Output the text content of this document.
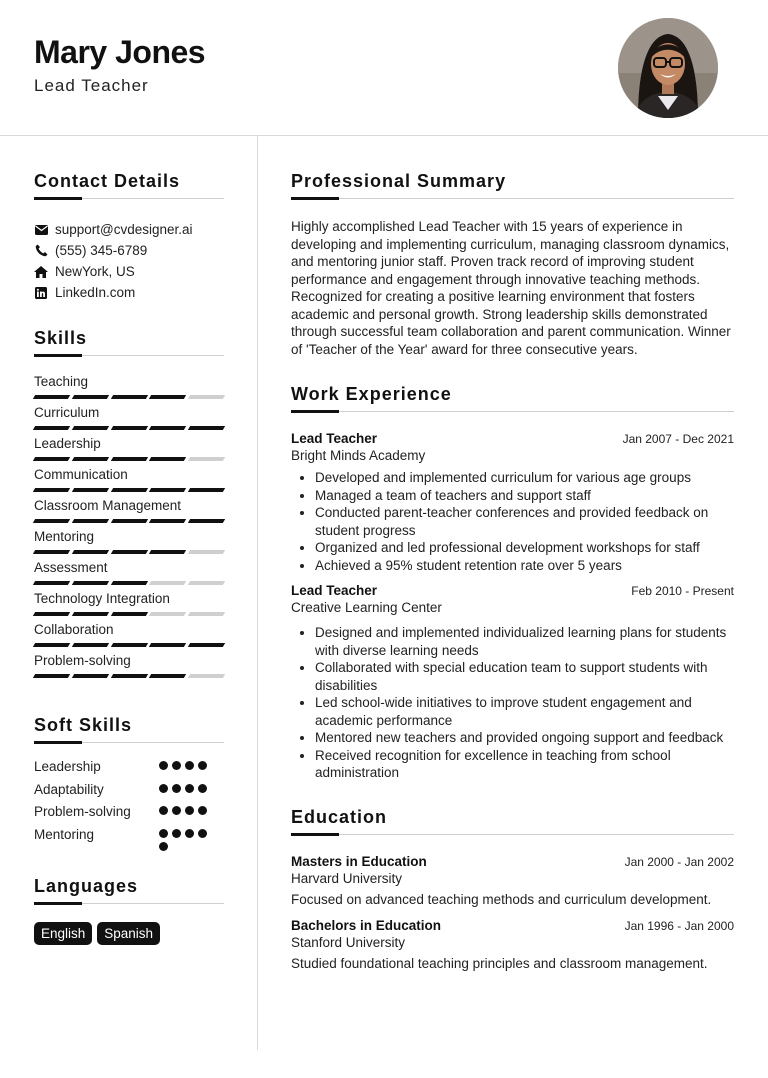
Mary Jones
Lead Teacher
Contact Details
support@cvdesigner.ai
(555) 345-6789
NewYork, US
LinkedIn.com
Skills
Teaching
Curriculum
Leadership
Communication
Classroom Management
Mentoring
Assessment
Technology Integration
Collaboration
Problem-solving
Soft Skills
Leadership
Adaptability
Problem-solving
Mentoring
Languages
English	Spanish
Professional Summary
Highly accomplished Lead Teacher with 15 years of experience in developing and implementing curriculum, managing classroom dynamics, and mentoring junior staff. Proven track record of improving student performance and engagement through innovative teaching methods. Recognized for creating a positive learning environment that fosters academic and personal growth. Strong leadership skills demonstrated through successful team collaboration and parent communication. Winner of 'Teacher of the Year' award for three consecutive years.
Work Experience
Lead Teacher	Jan 2007 - Dec 2021
Bright Minds Academy
• Developed and implemented curriculum for various age groups
• Managed a team of teachers and support staff
• Conducted parent-teacher conferences and provided feedback on student progress
• Organized and led professional development workshops for staff
• Achieved a 95% student retention rate over 5 years
Lead Teacher	Feb 2010 - Present
Creative Learning Center
• Designed and implemented individualized learning plans for students with diverse learning needs
• Collaborated with special education team to support students with disabilities
• Led school-wide initiatives to improve student engagement and academic performance
• Mentored new teachers and provided ongoing support and feedback
• Received recognition for excellence in teaching from school administration
Education
Masters in Education	Jan 2000 - Jan 2002
Harvard University
Focused on advanced teaching methods and curriculum development.
Bachelors in Education	Jan 1996 - Jan 2000
Stanford University
Studied foundational teaching principles and classroom management.
